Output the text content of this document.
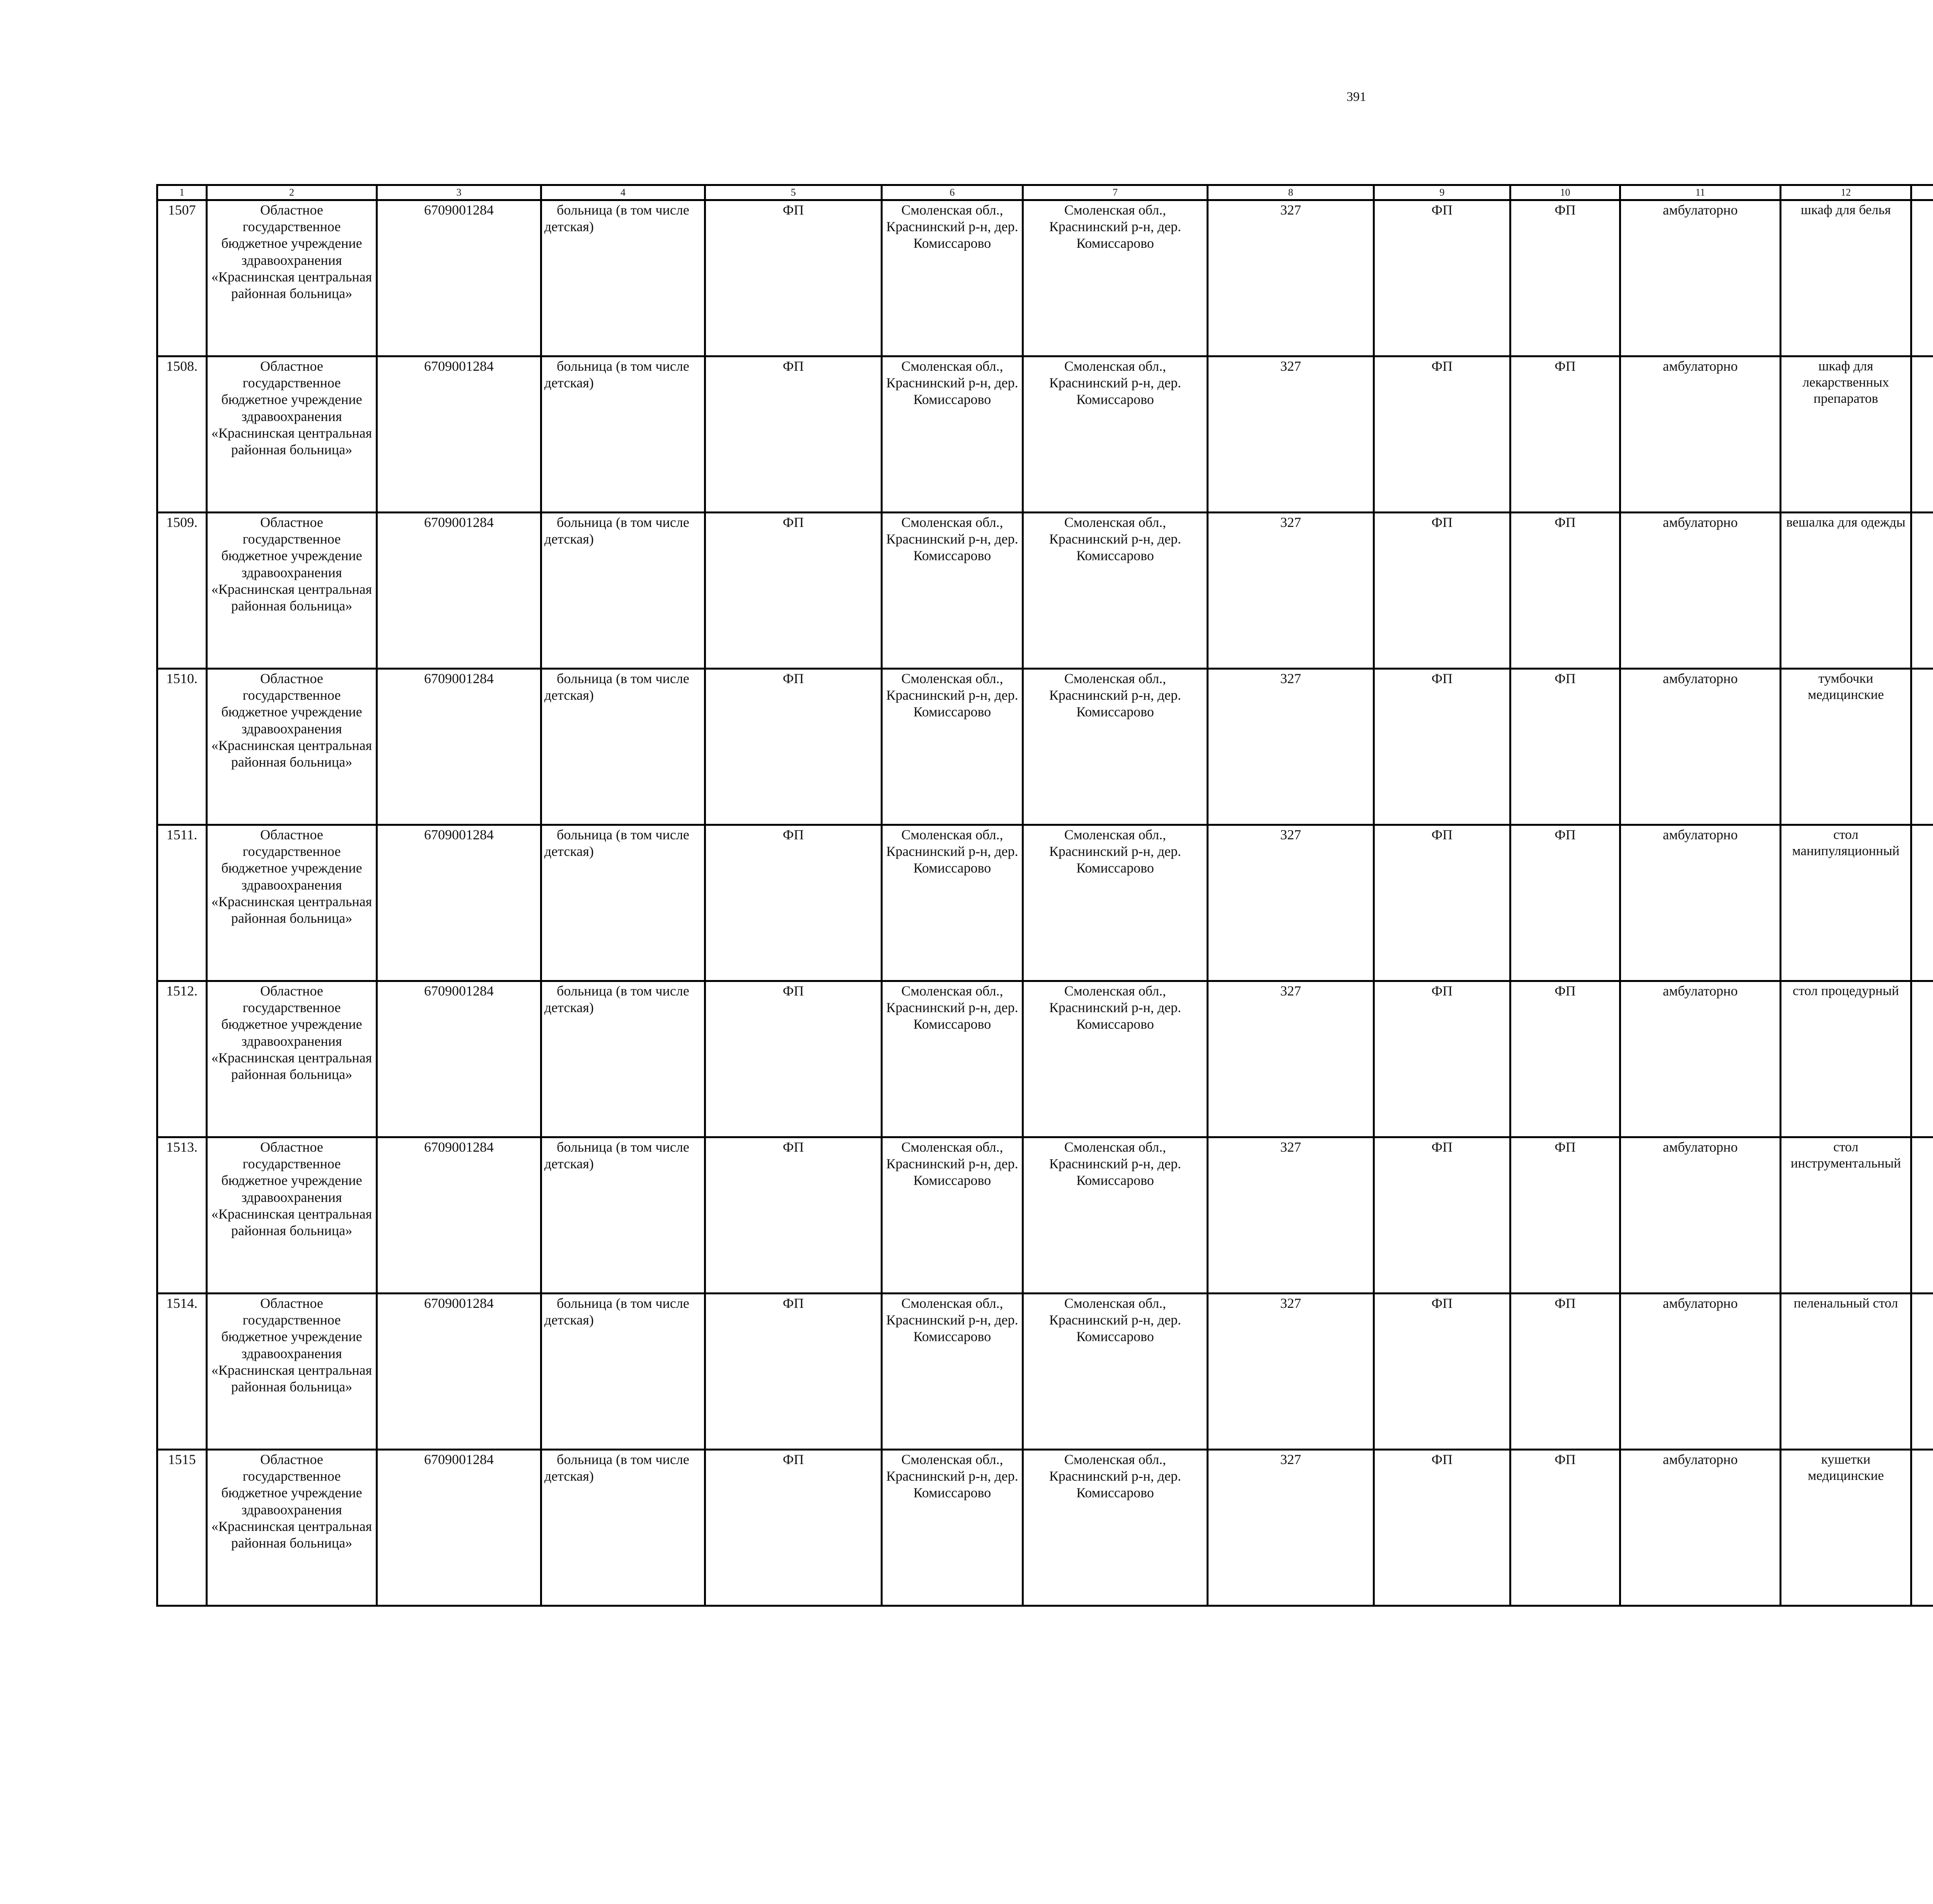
391
1	2	3	4	5	6	7	8	9	10	11	12				
1507	Областное государственное бюджетное учреждение здравоохранения «Краснинская центральная районная больница»	6709001284	больница (в том числе детская)	ФП	Смоленская обл., Краснинский р-н, дер. Комиссарово	Смоленская обл., Краснинский р-н, дер. Комиссарово	327	ФП	ФП	амбулаторно	шкаф для белья				
1508.	Областное государственное бюджетное учреждение здравоохранения «Краснинская центральная районная больница»	6709001284	больница (в том числе детская)	ФП	Смоленская обл., Краснинский р-н, дер. Комиссарово	Смоленская обл., Краснинский р-н, дер. Комиссарово	327	ФП	ФП	амбулаторно	шкаф для лекарственных препаратов				
1509.	Областное государственное бюджетное учреждение здравоохранения «Краснинская центральная районная больница»	6709001284	больница (в том числе детская)	ФП	Смоленская обл., Краснинский р-н, дер. Комиссарово	Смоленская обл., Краснинский р-н, дер. Комиссарово	327	ФП	ФП	амбулаторно	вешалка для одежды				
1510.	Областное государственное бюджетное учреждение здравоохранения «Краснинская центральная районная больница»	6709001284	больница (в том числе детская)	ФП	Смоленская обл., Краснинский р-н, дер. Комиссарово	Смоленская обл., Краснинский р-н, дер. Комиссарово	327	ФП	ФП	амбулаторно	тумбочки медицинские				
1511.	Областное государственное бюджетное учреждение здравоохранения «Краснинская центральная районная больница»	6709001284	больница (в том числе детская)	ФП	Смоленская обл., Краснинский р-н, дер. Комиссарово	Смоленская обл., Краснинский р-н, дер. Комиссарово	327	ФП	ФП	амбулаторно	стол манипуляционный				
1512.	Областное государственное бюджетное учреждение здравоохранения «Краснинская центральная районная больница»	6709001284	больница (в том числе детская)	ФП	Смоленская обл., Краснинский р-н, дер. Комиссарово	Смоленская обл., Краснинский р-н, дер. Комиссарово	327	ФП	ФП	амбулаторно	стол процедурный				
1513.	Областное государственное бюджетное учреждение здравоохранения «Краснинская центральная районная больница»	6709001284	больница (в том числе детская)	ФП	Смоленская обл., Краснинский р-н, дер. Комиссарово	Смоленская обл., Краснинский р-н, дер. Комиссарово	327	ФП	ФП	амбулаторно	стол инструментальный				
1514.	Областное государственное бюджетное учреждение здравоохранения «Краснинская центральная районная больница»	6709001284	больница (в том числе детская)	ФП	Смоленская обл., Краснинский р-н, дер. Комиссарово	Смоленская обл., Краснинский р-н, дер. Комиссарово	327	ФП	ФП	амбулаторно	пеленальный стол				
1515	Областное государственное бюджетное учреждение здравоохранения «Краснинская центральная районная больница»	6709001284	больница (в том числе детская)	ФП	Смоленская обл., Краснинский р-н, дер. Комиссарово	Смоленская обл., Краснинский р-н, дер. Комиссарово	327	ФП	ФП	амбулаторно	кушетки медицинские				
